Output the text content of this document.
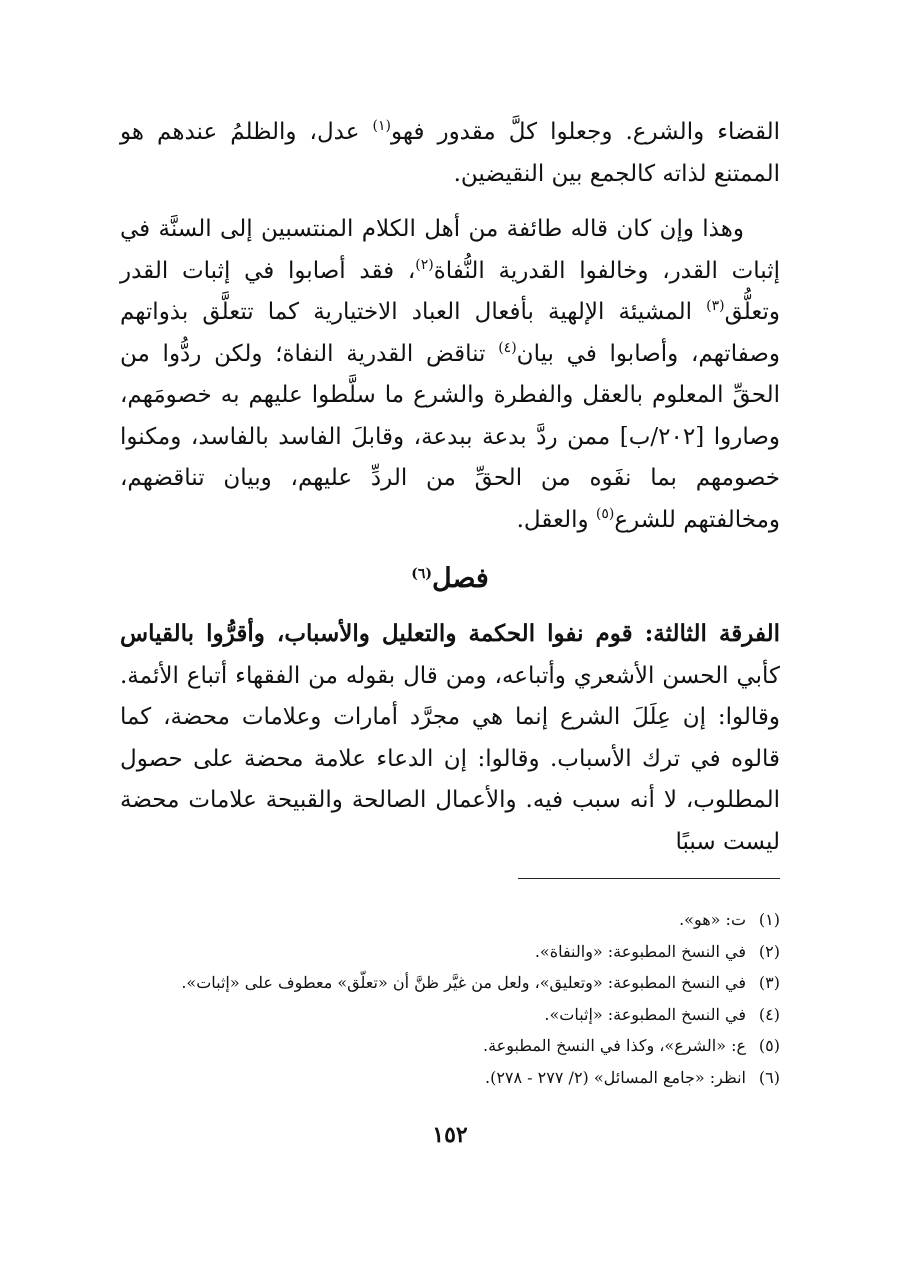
القضاء والشرع. وجعلوا كلَّ مقدور فهو$^{(١)}$ عدل، والظلمُ عندهم هو الممتنع لذاته كالجمع بين النقيضين.

وهذا وإن كان قاله طائفة من أهل الكلام المنتسبين إلى السنَّة في إثبات القدر، وخالفوا القدرية النُّفاة$^{(٢)}$، فقد أصابوا في إثبات القدر وتعلُّق$^{(٣)}$ المشيئة الإلهية بأفعال العباد الاختيارية كما تتعلَّق بذواتهم وصفاتهم، وأصابوا في بيان$^{(٤)}$ تناقض القدرية النفاة؛ ولكن ردُّوا من الحقِّ المعلوم بالعقل والفطرة والشرع ما سلَّطوا عليهم به خصومَهم، وصاروا [٢٠٢/ب] ممن ردَّ بدعة ببدعة، وقابلَ الفاسد بالفاسد، ومكنوا خصومهم بما نفَوه من الحقِّ من الردِّ عليهم، وبيان تناقضهم، ومخالفتهم للشرع$^{(٥)}$ والعقل.

فصل$^{(٦)}$

الفرقة الثالثة: قوم نفوا الحكمة والتعليل والأسباب، وأقرُّوا بالقياس كأبي الحسن الأشعري وأتباعه، ومن قال بقوله من الفقهاء أتباع الأئمة. وقالوا: إن عِلَلَ الشرع إنما هي مجرَّد أمارات وعلامات محضة، كما قالوه في ترك الأسباب. وقالوا: إن الدعاء علامة محضة على حصول المطلوب، لا أنه سبب فيه. والأعمال الصالحة والقبيحة علامات محضة ليست سببًا

(١)ت: «هو».
(٢)في النسخ المطبوعة: «والنفاة».
(٣)في النسخ المطبوعة: «وتعليق»، ولعل من غيَّر ظنَّ أن «تعلّق» معطوف على «إثبات».
(٤)في النسخ المطبوعة: «إثبات».
(٥)ع: «الشرع»، وكذا في النسخ المطبوعة.
(٦)انظر: «جامع المسائل» (٢/ ٢٧٧ - ٢٧٨).
١٥٢
